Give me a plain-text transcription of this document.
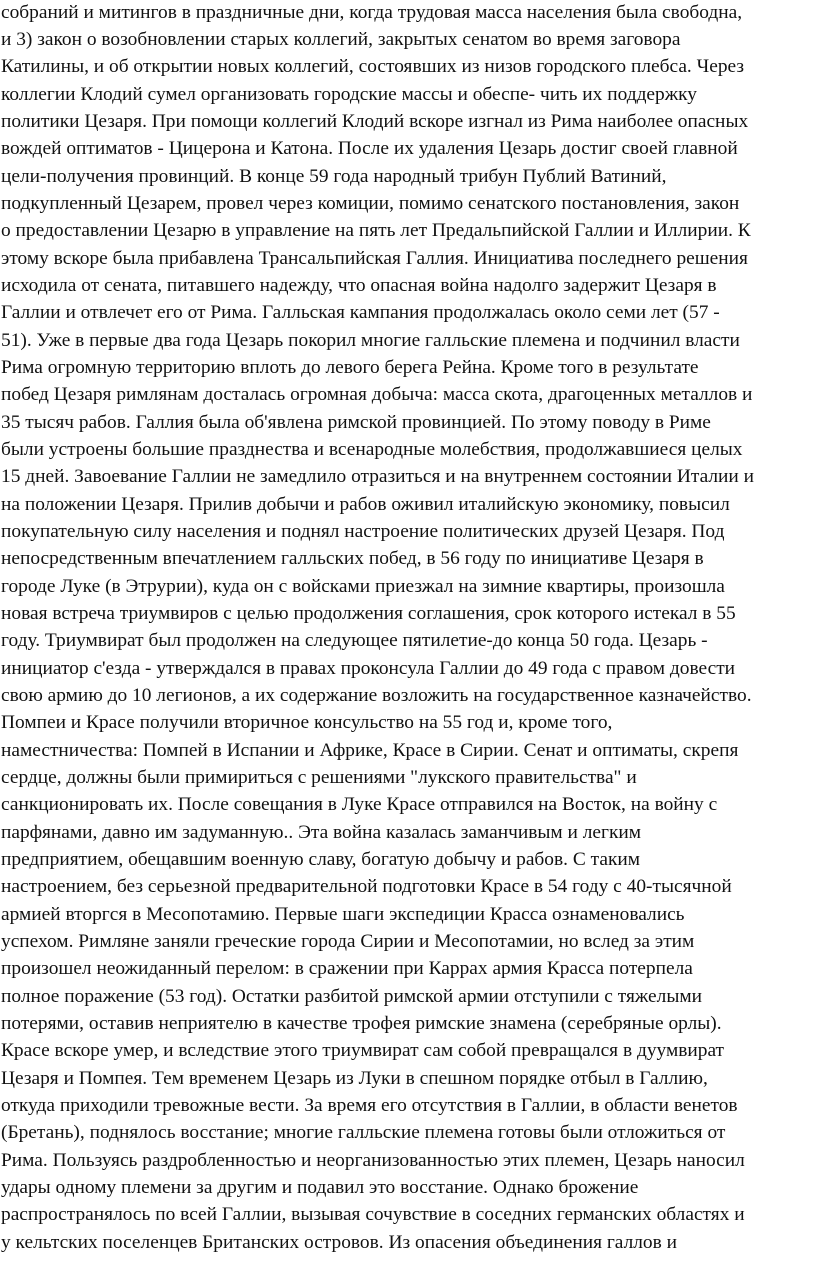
собраний и митингов в праздничные дни, когда трудовая масса населения была свободна,
и 3) закон о возобновлении старых коллегий, закрытых сенатом во время заговора
Катилины, и об открытии новых коллегий, состоявших из низов городского плебса. Через
коллегии Клодий сумел организовать городские массы и обеспе- чить их поддержку
политики Цезаря. При помощи коллегий Клодий вскоре изгнал из Рима наиболее опасных
вождей оптиматов - Цицерона и Катона. После их удаления Цезарь достиг своей главной
цели-получения провинций. В конце 59 года народный трибун Публий Ватиний,
подкупленный Цезарем, провел через комиции, помимо сенатского постановления, закон
о предоставлении Цезарю в управление на пять лет Предальпийской Галлии и Иллирии. К
этому вскоре была прибавлена Трансальпийская Галлия. Инициатива последнего решения
исходила от сената, питавшего надежду, что опасная война надолго задержит Цезаря в
Галлии и отвлечет его от Рима. Галльская кампания продолжалась около семи лет (57 -
51). Уже в первые два года Цезарь покорил многие галльские племена и подчинил власти
Рима огромную территорию вплоть до левого берега Рейна. Кроме того в результате
побед Цезаря римлянам досталась огромная добыча: масса скота, драгоценных металлов и
35 тысяч рабов. Галлия была об'явлена римской провинцией. По этому поводу в Риме
были устроены большие празднества и всенародные молебствия, продолжавшиеся целых
15 дней. Завоевание Галлии не замедлило отразиться и на внутреннем состоянии Италии и
на положении Цезаря. Прилив добычи и рабов оживил италийскую экономику, повысил
покупательную силу населения и поднял настроение политических друзей Цезаря. Под
непосредственным впечатлением галльских побед, в 56 году по инициативе Цезаря в
городе Луке (в Этрурии), куда он с войсками приезжал на зимние квартиры, произошла
новая встреча триумвиров с целью продолжения соглашения, срок которого истекал в 55
году. Триумвират был продолжен на следующее пятилетие-до конца 50 года. Цезарь -
инициатор с'езда - утверждался в правах проконсула Галлии до 49 года с правом довести
свою армию до 10 легионов, а их содержание возложить на государственное казначейство.
Помпеи и Красе получили вторичное консульство на 55 год и, кроме того,
наместничества: Помпей в Испании и Африке, Красе в Сирии. Сенат и оптиматы, скрепя
сердце, должны были примириться с решениями "лукского правительства" и
санкционировать их. После совещания в Луке Красе отправился на Восток, на войну с
парфянами, давно им задуманную.. Эта война казалась заманчивым и легким
предприятием, обещавшим военную славу, богатую добычу и рабов. С таким
настроением, без серьезной предварительной подготовки Красе в 54 году с 40-тысячной
армией вторгся в Месопотамию. Первые шаги экспедиции Красса ознаменовались
успехом. Римляне заняли греческие города Сирии и Месопотамии, но вслед за этим
произошел неожиданный перелом: в сражении при Каррах армия Красса потерпела
полное поражение (53 год). Остатки разбитой римской армии отступили с тяжелыми
потерями, оставив неприятелю в качестве трофея римские знамена (серебряные орлы).
Красе вскоре умер, и вследствие этого триумвират сам собой превращался в дуумвират
Цезаря и Помпея. Тем временем Цезарь из Луки в спешном порядке отбыл в Галлию,
откуда приходили тревожные вести. За время его отсутствия в Галлии, в области венетов
(Бретань), поднялось восстание; многие галльские племена готовы были отложиться от
Рима. Пользуясь раздробленностью и неорганизованностью этих племен, Цезарь наносил
удары одному племени за другим и подавил это восстание. Однако брожение
распространялось по всей Галлии, вызывая сочувствие в соседних германских областях и
у кельтских поселенцев Британских островов. Из опасения объединения галлов и
